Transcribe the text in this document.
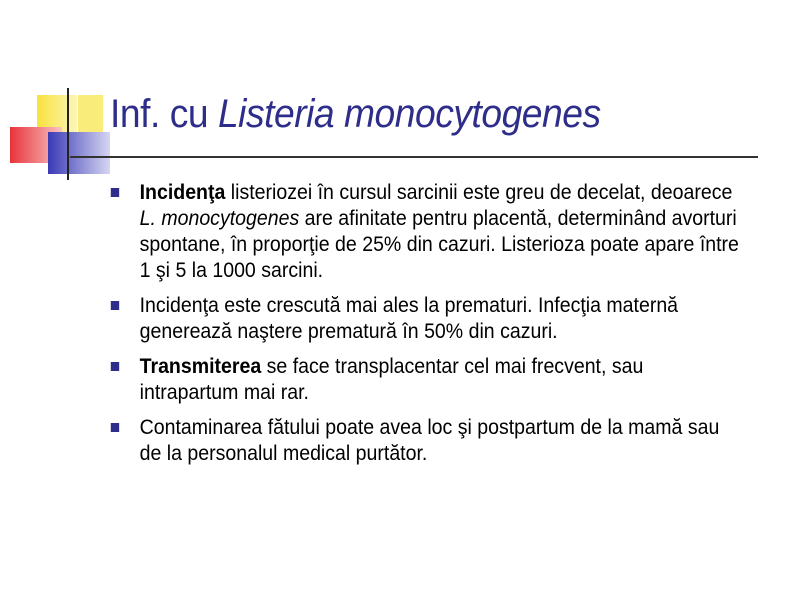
Inf. cu Listeria monocytogenes
Incidenţa listeriozei în cursul sarcinii este greu de decelat, deoarece L. monocytogenes are afinitate pentru placentă, determinând avorturi spontane, în proporţie de 25% din cazuri. Listerioza poate apare între 1 şi 5 la 1000 sarcini.
Incidenţa este crescută mai ales la prematuri. Infecţia maternă generează naştere prematură în 50% din cazuri.
Transmiterea se face transplacentar cel mai frecvent, sau intrapartum mai rar.
Contaminarea fătului poate avea loc şi postpartum de la mamă sau de la personalul medical purtător.
